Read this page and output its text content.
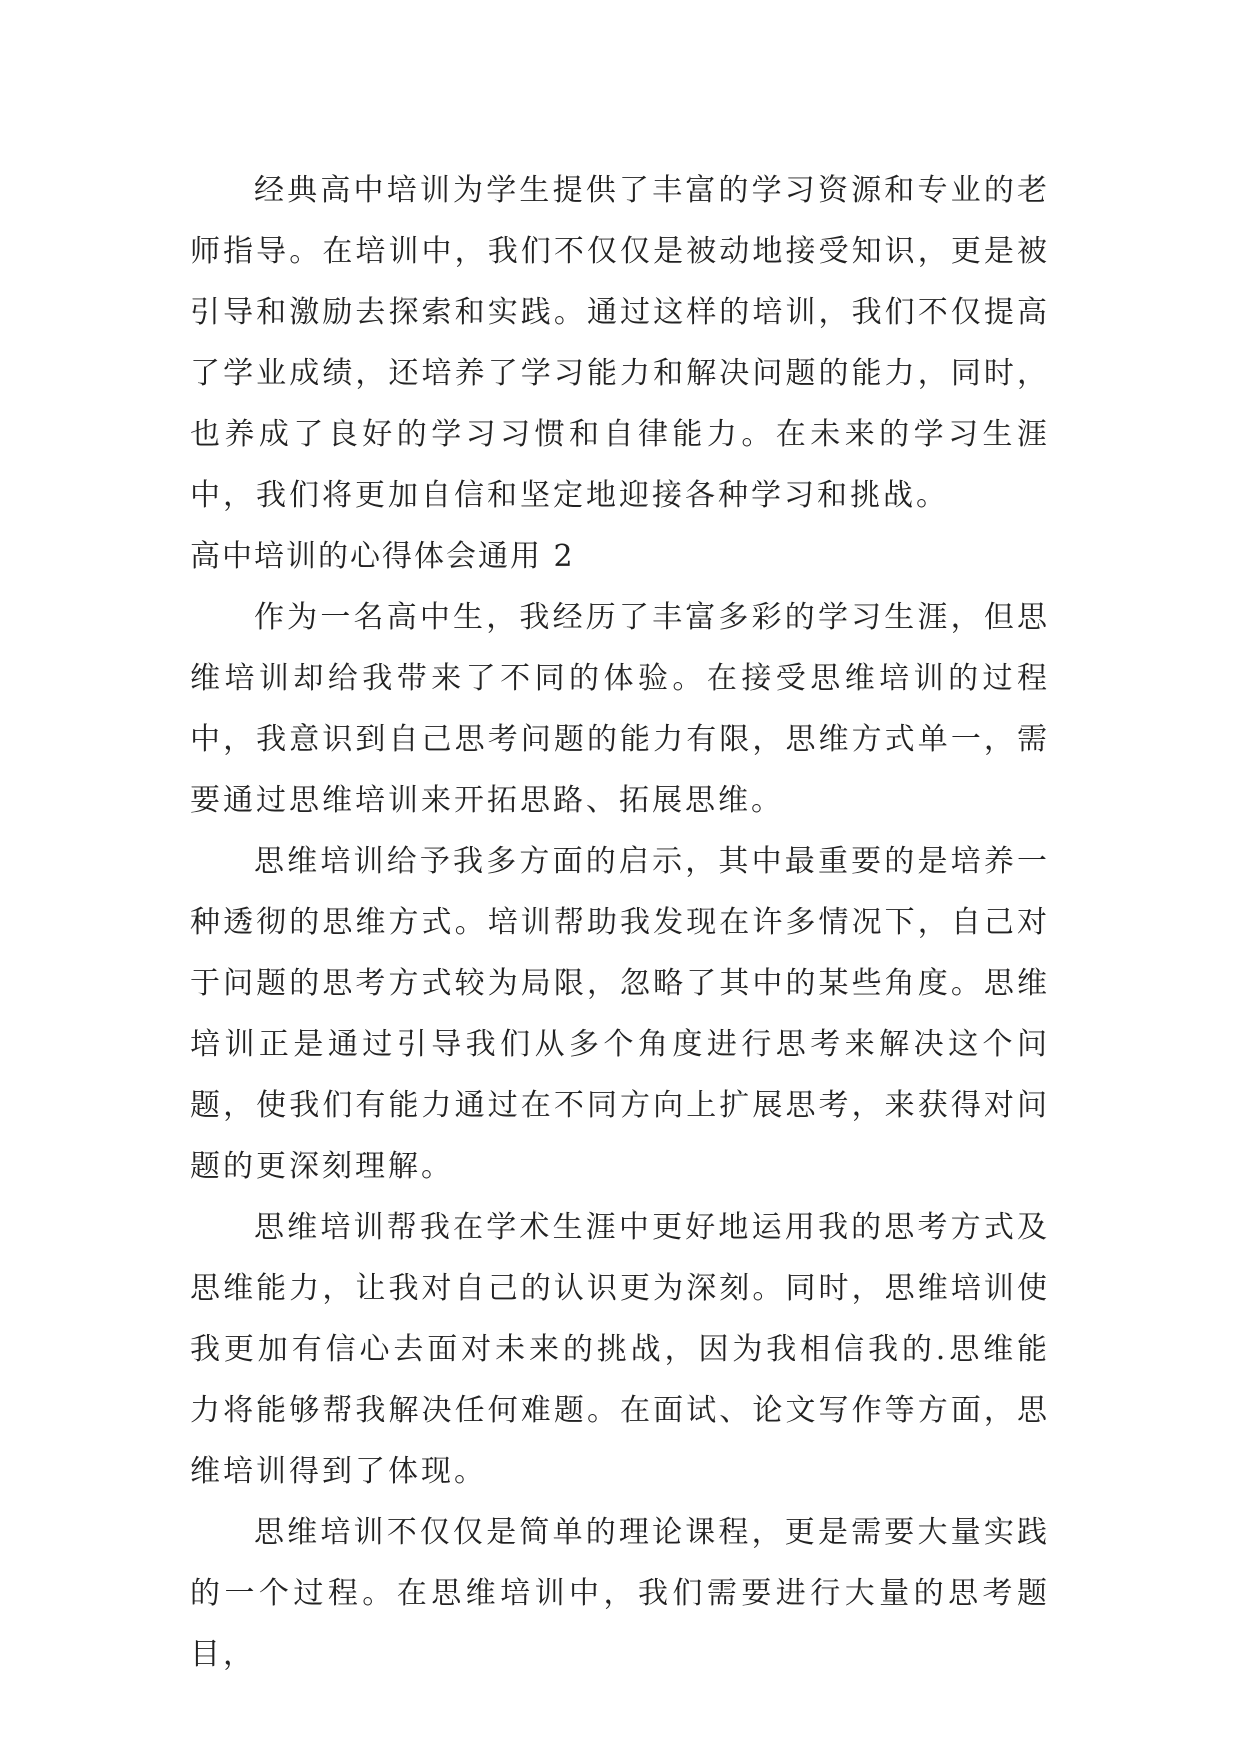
经典高中培训为学生提供了丰富的学习资源和专业的老师指导。在培训中，我们不仅仅是被动地接受知识，更是被引导和激励去探索和实践。通过这样的培训，我们不仅提高了学业成绩，还培养了学习能力和解决问题的能力，同时，也养成了良好的学习习惯和自律能力。在未来的学习生涯中，我们将更加自信和坚定地迎接各种学习和挑战。

高中培训的心得体会通用 2

作为一名高中生，我经历了丰富多彩的学习生涯，但思维培训却给我带来了不同的体验。在接受思维培训的过程中，我意识到自己思考问题的能力有限，思维方式单一，需要通过思维培训来开拓思路、拓展思维。

思维培训给予我多方面的启示，其中最重要的是培养一种透彻的思维方式。培训帮助我发现在许多情况下，自己对于问题的思考方式较为局限，忽略了其中的某些角度。思维培训正是通过引导我们从多个角度进行思考来解决这个问题，使我们有能力通过在不同方向上扩展思考，来获得对问题的更深刻理解。

思维培训帮我在学术生涯中更好地运用我的思考方式及思维能力，让我对自己的认识更为深刻。同时，思维培训使我更加有信心去面对未来的挑战，因为我相信我的.思维能力将能够帮我解决任何难题。在面试、论文写作等方面，思维培训得到了体现。

思维培训不仅仅是简单的理论课程，更是需要大量实践的一个过程。在思维培训中，我们需要进行大量的思考题目，
